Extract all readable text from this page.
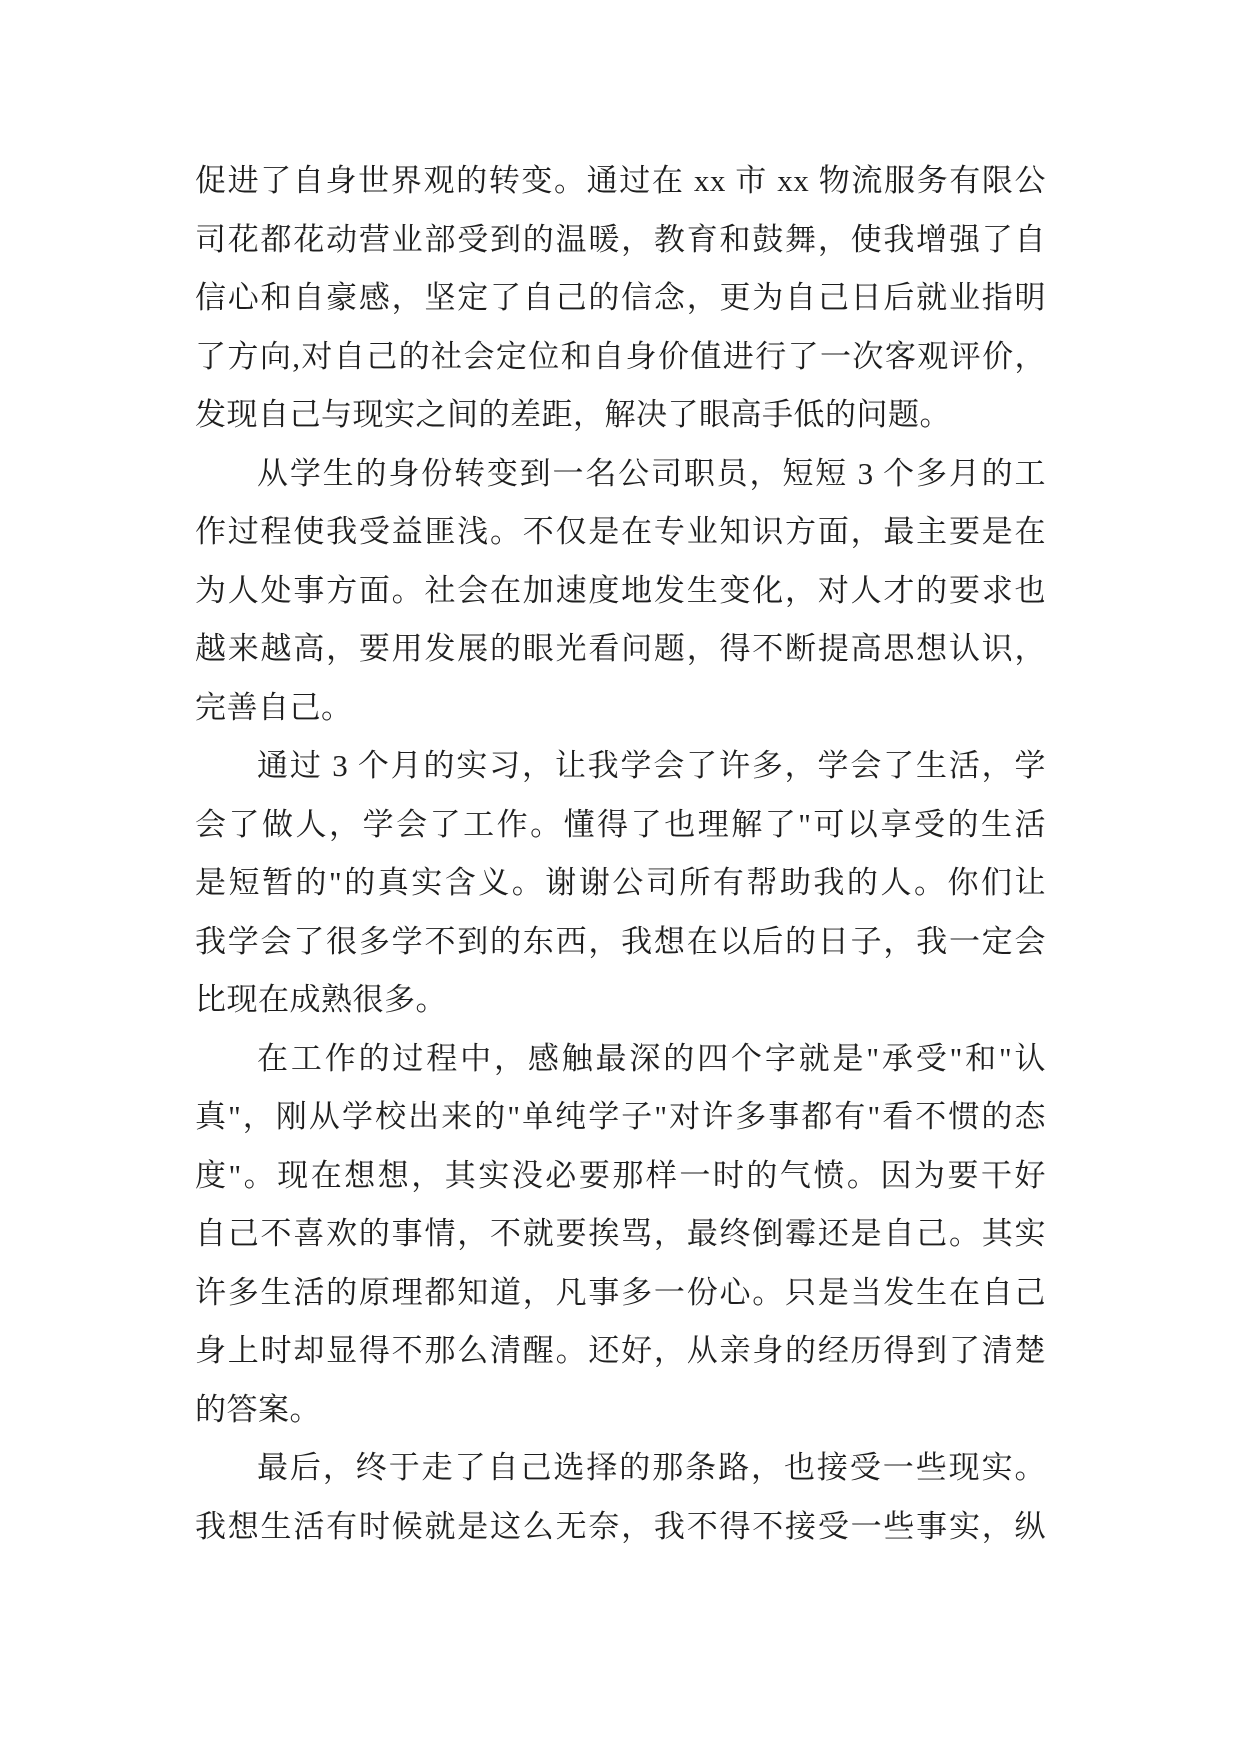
促进了自身世界观的转变。通过在 xx 市 xx 物流服务有限公
司花都花动营业部受到的温暖，教育和鼓舞，使我增强了自
信心和自豪感，坚定了自己的信念，更为自己日后就业指明
了方向,对自己的社会定位和自身价值进行了一次客观评价，
发现自己与现实之间的差距，解决了眼高手低的问题。
从学生的身份转变到一名公司职员，短短 3 个多月的工
作过程使我受益匪浅。不仅是在专业知识方面，最主要是在
为人处事方面。社会在加速度地发生变化，对人才的要求也
越来越高，要用发展的眼光看问题，得不断提高思想认识，
完善自己。
通过 3 个月的实习，让我学会了许多，学会了生活，学
会了做人，学会了工作。懂得了也理解了"可以享受的生活
是短暂的"的真实含义。谢谢公司所有帮助我的人。你们让
我学会了很多学不到的东西，我想在以后的日子，我一定会
比现在成熟很多。
在工作的过程中，感触最深的四个字就是"承受"和"认
真"，刚从学校出来的"单纯学子"对许多事都有"看不惯的态
度"。现在想想，其实没必要那样一时的气愤。因为要干好
自己不喜欢的事情，不就要挨骂，最终倒霉还是自己。其实
许多生活的原理都知道，凡事多一份心。只是当发生在自己
身上时却显得不那么清醒。还好，从亲身的经历得到了清楚
的答案。
最后，终于走了自己选择的那条路，也接受一些现实。
我想生活有时候就是这么无奈，我不得不接受一些事实，纵
